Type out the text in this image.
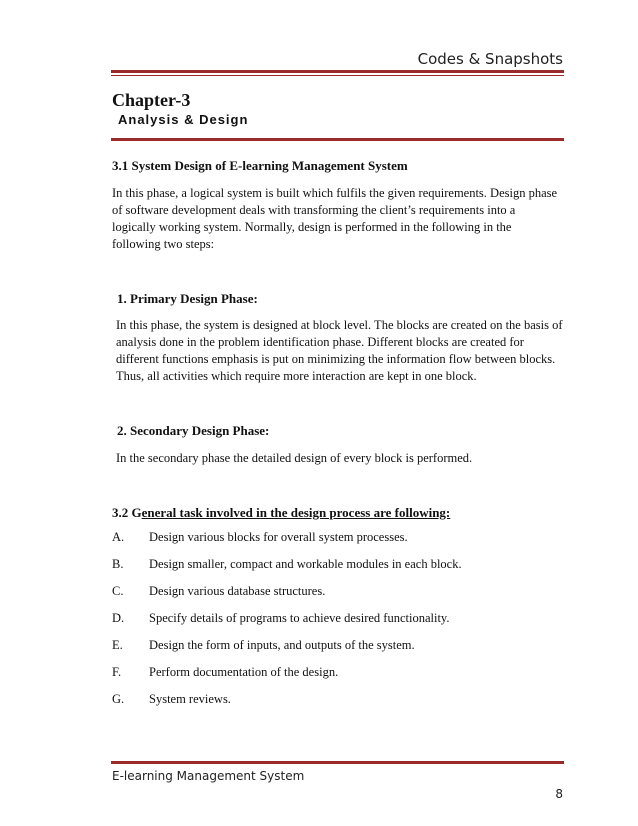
Codes & Snapshots
Chapter-3
Analysis & Design
3.1 System Design of E-learning Management System
In this phase, a logical system is built which fulfils the given requirements. Design phase
of software development deals with transforming the client’s requirements into a
logically working system. Normally, design is performed in the following in the
following two steps:
1. Primary Design Phase:
In this phase, the system is designed at block level. The blocks are created on the basis of
analysis done in the problem identification phase. Different blocks are created for
different functions emphasis is put on minimizing the information flow between blocks.
Thus, all activities which require more interaction are kept in one block.
2. Secondary Design Phase:
In the secondary phase the detailed design of every block is performed.
3.2 General task involved in the design process are following:
A. Design various blocks for overall system processes.
B. Design smaller, compact and workable modules in each block.
C. Design various database structures.
D. Specify details of programs to achieve desired functionality.
E. Design the form of inputs, and outputs of the system.
F. Perform documentation of the design.
G. System reviews.
E-learning Management System
8
